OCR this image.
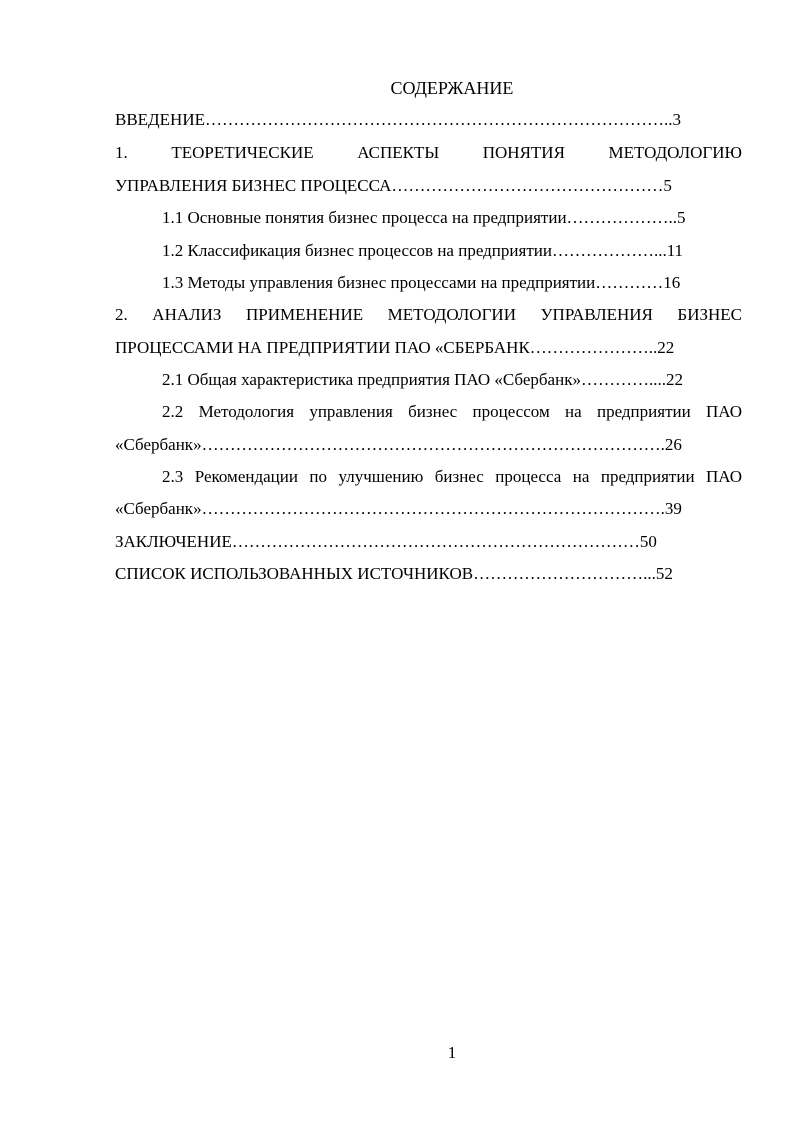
СОДЕРЖАНИЕ
ВВЕДЕНИЕ………………………………………………………………………..3
1. ТЕОРЕТИЧЕСКИЕ АСПЕКТЫ ПОНЯТИЯ МЕТОДОЛОГИЮ
УПРАВЛЕНИЯ БИЗНЕС ПРОЦЕССА…………………………………………5
1.1 Основные понятия бизнес процесса на предприятии………………..5
1.2 Классификация бизнес процессов на предприятии………………...11
1.3 Методы управления бизнес процессами на предприятии…………16
2. АНАЛИЗ ПРИМЕНЕНИЕ МЕТОДОЛОГИИ УПРАВЛЕНИЯ БИЗНЕС
ПРОЦЕССАМИ НА ПРЕДПРИЯТИИ ПАО «СБЕРБАНК…………………..22
2.1 Общая характеристика предприятия ПАО «Сбербанк»…………....22
2.2 Методология управления бизнес процессом на предприятии ПАО
«Сбербанк»……………………………………………………………………….26
2.3 Рекомендации по улучшению бизнес процесса на предприятии ПАО
«Сбербанк»……………………………………………………………………….39
ЗАКЛЮЧЕНИЕ………………………………………………………………50
СПИСОК ИСПОЛЬЗОВАННЫХ ИСТОЧНИКОВ…………………………...52
1
